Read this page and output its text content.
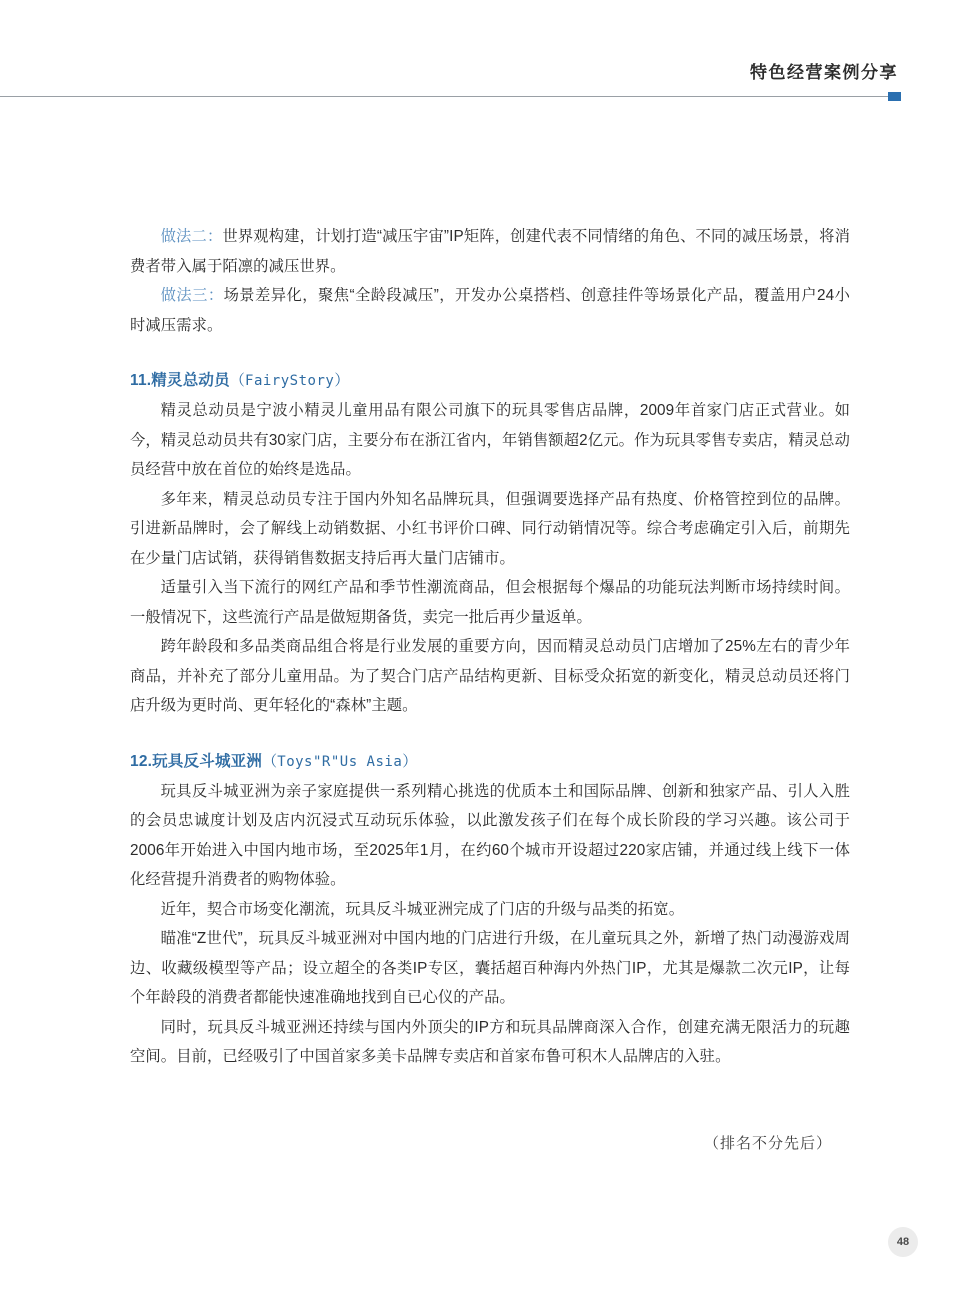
特色经营案例分享

做法二：世界观构建，计划打造“减压宇宙”IP矩阵，创建代表不同情绪的角色、不同的减压场景，将消费者带入属于陌凛的减压世界。

做法三：场景差异化，聚焦“全龄段减压”，开发办公桌搭档、创意挂件等场景化产品，覆盖用户24小时减压需求。

11.精灵总动员（FairyStory）

精灵总动员是宁波小精灵儿童用品有限公司旗下的玩具零售店品牌，2009年首家门店正式营业。如今，精灵总动员共有30家门店，主要分布在浙江省内，年销售额超2亿元。作为玩具零售专卖店，精灵总动员经营中放在首位的始终是选品。

多年来，精灵总动员专注于国内外知名品牌玩具，但强调要选择产品有热度、价格管控到位的品牌。引进新品牌时，会了解线上动销数据、小红书评价口碑、同行动销情况等。综合考虑确定引入后，前期先在少量门店试销，获得销售数据支持后再大量门店铺市。

适量引入当下流行的网红产品和季节性潮流商品，但会根据每个爆品的功能玩法判断市场持续时间。一般情况下，这些流行产品是做短期备货，卖完一批后再少量返单。

跨年龄段和多品类商品组合将是行业发展的重要方向，因而精灵总动员门店增加了25%左右的青少年商品，并补充了部分儿童用品。为了契合门店产品结构更新、目标受众拓宽的新变化，精灵总动员还将门店升级为更时尚、更年轻化的“森林”主题。

12.玩具反斗城亚洲（Toys"R"Us Asia）

玩具反斗城亚洲为亲子家庭提供一系列精心挑选的优质本土和国际品牌、创新和独家产品、引人入胜的会员忠诚度计划及店内沉浸式互动玩乐体验，以此激发孩子们在每个成长阶段的学习兴趣。该公司于2006年开始进入中国内地市场，至2025年1月，在约60个城市开设超过220家店铺，并通过线上线下一体化经营提升消费者的购物体验。

近年，契合市场变化潮流，玩具反斗城亚洲完成了门店的升级与品类的拓宽。

瞄准“Z世代”，玩具反斗城亚洲对中国内地的门店进行升级，在儿童玩具之外，新增了热门动漫游戏周边、收藏级模型等产品；设立超全的各类IP专区，囊括超百种海内外热门IP，尤其是爆款二次元IP，让每个年龄段的消费者都能快速准确地找到自已心仪的产品。

同时，玩具反斗城亚洲还持续与国内外顶尖的IP方和玩具品牌商深入合作，创建充满无限活力的玩趣空间。目前，已经吸引了中国首家多美卡品牌专卖店和首家布鲁可积木人品牌店的入驻。

（排名不分先后）

48
